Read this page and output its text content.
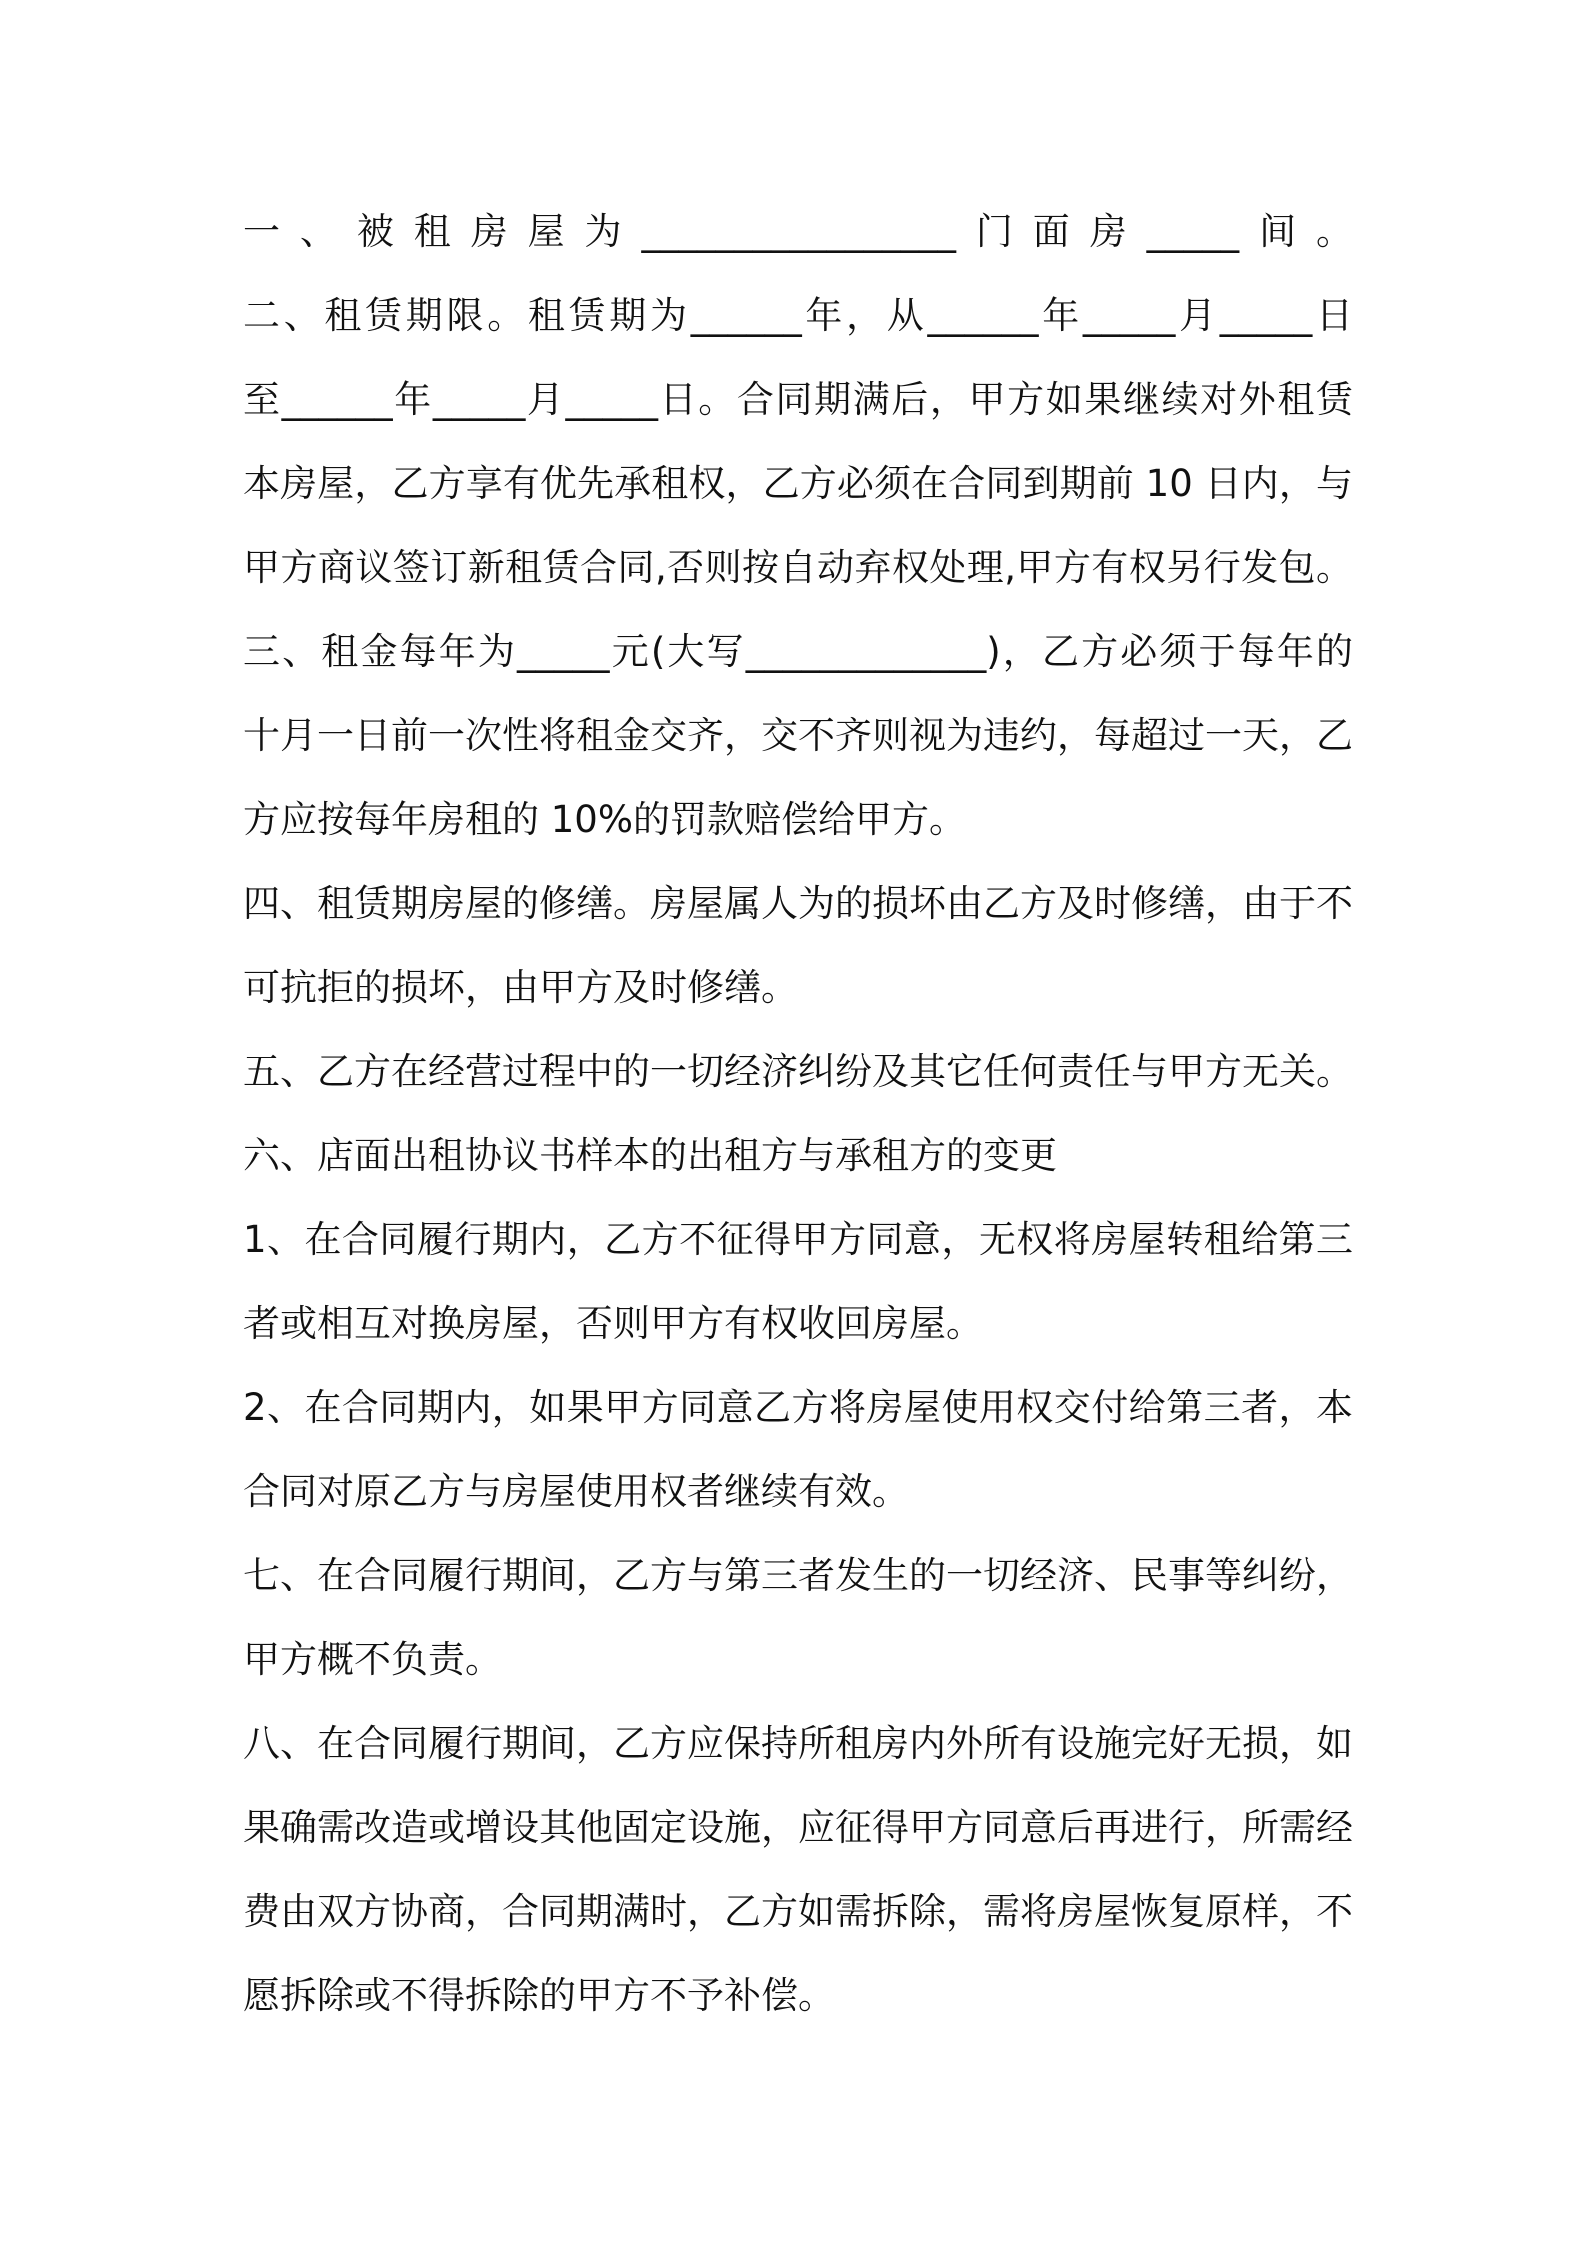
一、被租房屋为_________________门面房_____间。
二、租赁期限。租赁期为______年，从______年_____月_____日
至______年_____月_____日。合同期满后，甲方如果继续对外租赁
本房屋，乙方享有优先承租权，乙方必须在合同到期前 10 日内，与
甲方商议签订新租赁合同,否则按自动弃权处理,甲方有权另行发包。
三、租金每年为_____元(大写_____________)，乙方必须于每年的
十月一日前一次性将租金交齐，交不齐则视为违约，每超过一天，乙
方应按每年房租的 10%的罚款赔偿给甲方。
四、租赁期房屋的修缮。房屋属人为的损坏由乙方及时修缮，由于不
可抗拒的损坏，由甲方及时修缮。
五、乙方在经营过程中的一切经济纠纷及其它任何责任与甲方无关。
六、店面出租协议书样本的出租方与承租方的变更
1、在合同履行期内，乙方不征得甲方同意，无权将房屋转租给第三
者或相互对换房屋，否则甲方有权收回房屋。
2、在合同期内，如果甲方同意乙方将房屋使用权交付给第三者，本
合同对原乙方与房屋使用权者继续有效。
七、在合同履行期间，乙方与第三者发生的一切经济、民事等纠纷，
甲方概不负责。
八、在合同履行期间，乙方应保持所租房内外所有设施完好无损，如
果确需改造或增设其他固定设施，应征得甲方同意后再进行，所需经
费由双方协商，合同期满时，乙方如需拆除，需将房屋恢复原样，不
愿拆除或不得拆除的甲方不予补偿。
